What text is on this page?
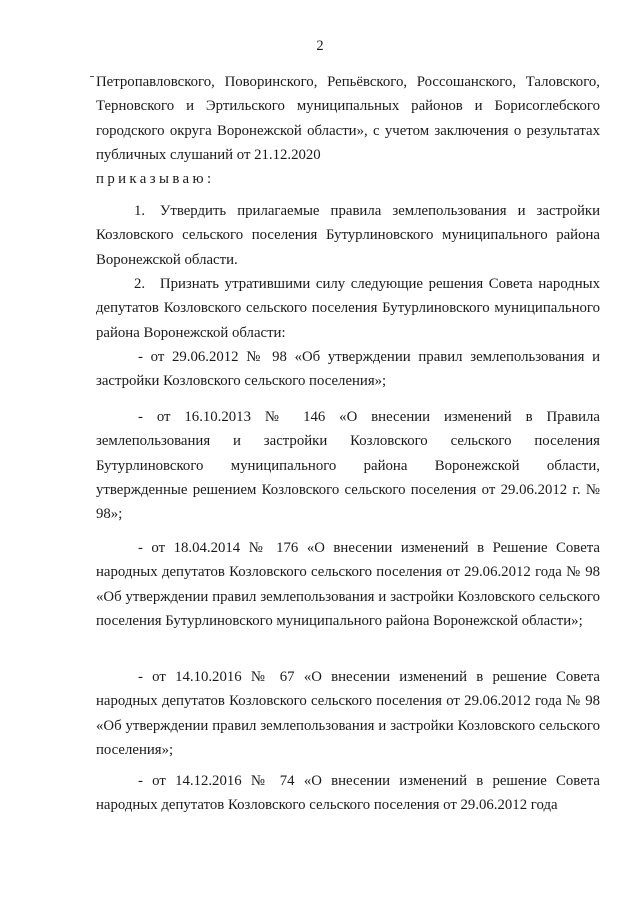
2

Петропавловского, Поворинского, Репьёвского, Россошанского, Таловского, Терновского и Эртильского муниципальных районов и Борисоглебского городского округа Воронежской области», с учетом заключения о результатах публичных слушаний от 21.12.2020

приказываю:

1. Утвердить прилагаемые правила землепользования и застройки Козловского сельского поселения Бутурлиновского муниципального района Воронежской области.

2. Признать утратившими силу следующие решения Совета народных депутатов Козловского сельского поселения Бутурлиновского муниципального района Воронежской области:

- от 29.06.2012 № 98 «Об утверждении правил землепользования и застройки Козловского сельского поселения»;

- от 16.10.2013 № 146 «О внесении изменений в Правила землепользования и застройки Козловского сельского поселения Бутурлиновского муниципального района Воронежской области, утвержденные решением Козловского сельского поселения от 29.06.2012 г. № 98»;

- от 18.04.2014 № 176 «О внесении изменений в Решение Совета народных депутатов Козловского сельского поселения от 29.06.2012 года № 98 «Об утверждении правил землепользования и застройки Козловского сельского поселения Бутурлиновского муниципального района Воронежской области»;

- от 14.10.2016 № 67 «О внесении изменений в решение Совета народных депутатов Козловского сельского поселения от 29.06.2012 года № 98 «Об утверждении правил землепользования и застройки Козловского сельского поселения»;

- от 14.12.2016 № 74 «О внесении изменений в решение Совета народных депутатов Козловского сельского поселения от 29.06.2012 года
